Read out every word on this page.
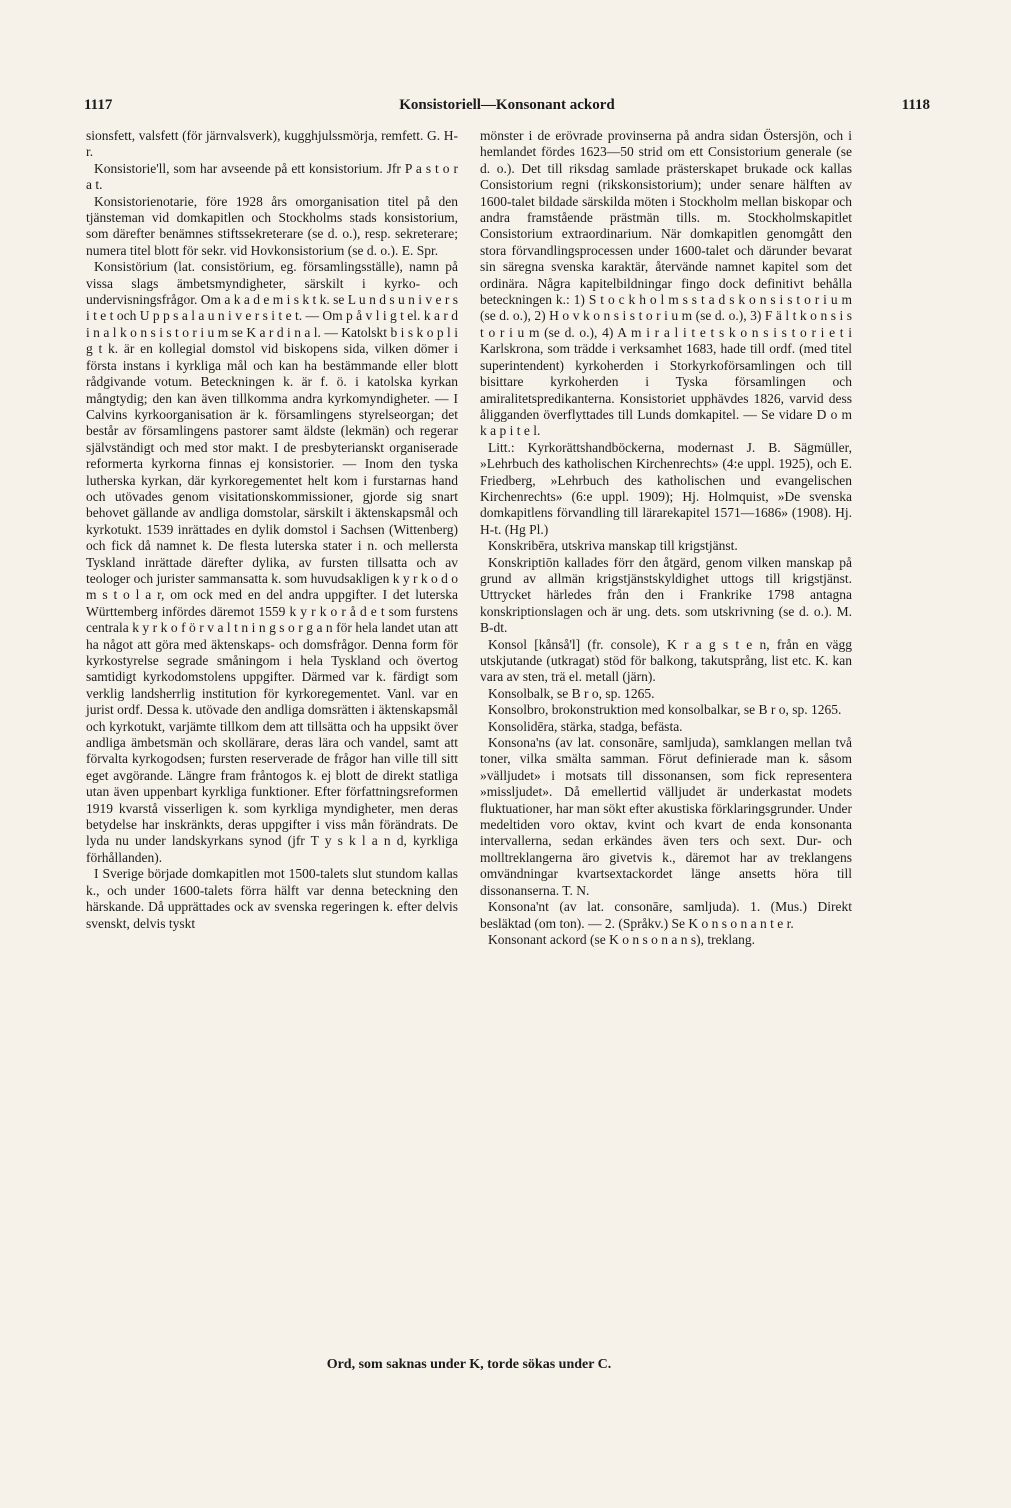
1117	Konsistoriell—Konsonant ackord	1118

sionsfett, valsfett (för järnvalsverk), kugghjulssmörja, remfett. G. H-r.

Konsistorie'll, som har avseende på ett konsistorium. Jfr P a s t o r a t.

Konsistorienotarie, före 1928 års omorganisation titel på den tjänsteman vid domkapitlen och Stockholms stads konsistorium, som därefter benämnes stiftssekreterare (se d. o.), resp. sekreterare; numera titel blott för sekr. vid Hovkonsistorium (se d. o.). E. Spr.

Konsistörium (lat. consistörium, eg. församlingsställe), namn på vissa slags ämbetsmyndigheter, särskilt i kyrko- och undervisningsfrågor. Om a k a d e m i s k t k. se L u n d s u n i v e r s i t e t och U p p s a l a u n i v e r s i t e t. — Om p å v l i g t el. k a r d i n a l k o n s i s t o r i u m se K a r d i n a l. — Katolskt b i s k o p l i g t k. är en kollegial domstol vid biskopens sida, vilken dömer i första instans i kyrkliga mål och kan ha bestämmande eller blott rådgivande votum. Beteckningen k. är f. ö. i katolska kyrkan mångtydig; den kan även tillkomma andra kyrkomyndigheter. — I Calvins kyrkoorganisation är k. församlingens styrelseorgan; det består av församlingens pastorer samt äldste (lekmän) och regerar självständigt och med stor makt. I de presbyterianskt organiserade reformerta kyrkorna finnas ej konsistorier. — Inom den tyska lutherska kyrkan, där kyrkoregementet helt kom i furstarnas hand och utövades genom visitationskommissioner, gjorde sig snart behovet gällande av andliga domstolar, särskilt i äktenskapsmål och kyrkotukt. 1539 inrättades en dylik domstol i Sachsen (Wittenberg) och fick då namnet k. De flesta luterska stater i n. och mellersta Tyskland inrättade därefter dylika, av fursten tillsatta och av teologer och jurister sammansatta k. som huvudsakligen k y r k o d o m s t o l a r, om ock med en del andra uppgifter. I det luterska Württemberg infördes däremot 1559 k y r k o r å d e t som furstens centrala k y r k o f ö r v a l t n i n g s o r g a n för hela landet utan att ha något att göra med äktenskaps- och domsfrågor. Denna form för kyrkostyrelse segrade småningom i hela Tyskland och övertog samtidigt kyrkodomstolens uppgifter. Därmed var k. färdigt som verklig landsherrlig institution för kyrkoregementet. Vanl. var en jurist ordf. Dessa k. utövade den andliga domsrätten i äktenskapsmål och kyrkotukt, varjämte tillkom dem att tillsätta och ha uppsikt över andliga ämbetsmän och skollärare, deras lära och vandel, samt att förvalta kyrkogodsen; fursten reserverade de frågor han ville till sitt eget avgörande. Längre fram fråntogos k. ej blott de direkt statliga utan även uppenbart kyrkliga funktioner. Efter författningsreformen 1919 kvarstå visserligen k. som kyrkliga myndigheter, men deras betydelse har inskränkts, deras uppgifter i viss mån förändrats. De lyda nu under landskyrkans synod (jfr T y s k l a n d, kyrkliga förhållanden).

I Sverige började domkapitlen mot 1500-talets slut stundom kallas k., och under 1600-talets förra hälft var denna beteckning den härskande. Då upprättades ock av svenska regeringen k. efter delvis svenskt, delvis tyskt

mönster i de erövrade provinserna på andra sidan Östersjön, och i hemlandet fördes 1623—50 strid om ett Consistorium generale (se d. o.). Det till riksdag samlade prästerskapet brukade ock kallas Consistorium regni (rikskonsistorium); under senare hälften av 1600-talet bildade särskilda möten i Stockholm mellan biskopar och andra framstående prästmän tills. m. Stockholmskapitlet Consistorium extraordinarium. När domkapitlen genomgått den stora förvandlingsprocessen under 1600-talet och därunder bevarat sin säregna svenska karaktär, återvände namnet kapitel som det ordinära. Några kapitelbildningar fingo dock definitivt behålla beteckningen k.: 1) S t o c k h o l m s s t a d s k o n s i s t o r i u m (se d. o.), 2) H o v k o n s i s t o r i u m (se d. o.), 3) F ä l t k o n s i s t o r i u m (se d. o.), 4) A m i r a l i t e t s k o n s i s t o r i e t i Karlskrona, som trädde i verksamhet 1683, hade till ordf. (med titel superintendent) kyrkoherden i Storkyrkoförsamlingen och till bisittare kyrkoherden i Tyska församlingen och amiralitetspredikanterna. Konsistoriet upphävdes 1826, varvid dess åligganden överflyttades till Lunds domkapitel. — Se vidare D o m k a p i t e l.

Litt.: Kyrkorättshandböckerna, modernast J. B. Sägmüller, »Lehrbuch des katholischen Kirchenrechts» (4:e uppl. 1925), och E. Friedberg, »Lehrbuch des katholischen und evangelischen Kirchenrechts» (6:e uppl. 1909); Hj. Holmquist, »De svenska domkapitlens förvandling till lärarekapitel 1571—1686» (1908). Hj. H-t. (Hg Pl.)

Konskribēra, utskriva manskap till krigstjänst.

Konskriptiōn kallades förr den åtgärd, genom vilken manskap på grund av allmän krigstjänstskyldighet uttogs till krigstjänst. Uttrycket härledes från den i Frankrike 1798 antagna konskriptionslagen och är ung. dets. som utskrivning (se d. o.). M. B-dt.

Konsol [kånså'l] (fr. console), K r a g s t e n, från en vägg utskjutande (utkragat) stöd för balkong, takutsprång, list etc. K. kan vara av sten, trä el. metall (järn).

Konsolbalk, se B r o, sp. 1265.

Konsolbro, brokonstruktion med konsolbalkar, se B r o, sp. 1265.

Konsolidēra, stärka, stadga, befästa.

Konsona'ns (av lat. consonāre, samljuda), samklangen mellan två toner, vilka smälta samman. Förut definierade man k. såsom »välljudet» i motsats till dissonansen, som fick representera »missljudet». Då emellertid välljudet är underkastat modets fluktuationer, har man sökt efter akustiska förklaringsgrunder. Under medeltiden voro oktav, kvint och kvart de enda konsonanta intervallerna, sedan erkändes även ters och sext. Dur- och molltreklangerna äro givetvis k., däremot har av treklangens omvändningar kvartsextackordet länge ansetts höra till dissonanserna. T. N.

Konsona'nt (av lat. consonāre, samljuda). 1. (Mus.) Direkt besläktad (om ton). — 2. (Språkv.) Se K o n s o n a n t e r.

Konsonant ackord (se K o n s o n a n s), treklang.

Ord, som saknas under K, torde sökas under C.
